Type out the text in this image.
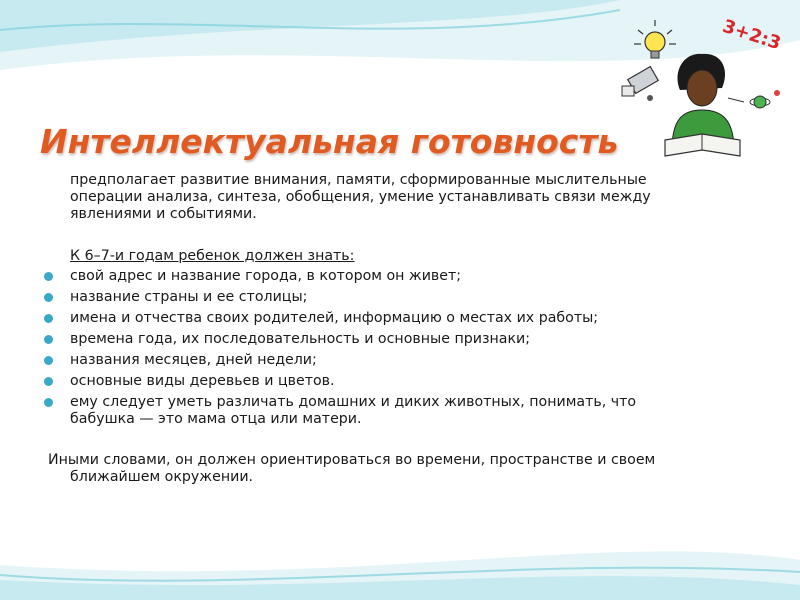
3+2:3
Интеллектуальная готовность

предполагает развитие внимания, памяти, сформированные мыслительные
операции анализа, синтеза, обобщения, умение устанавливать связи между
явлениями и событиями.

К 6–7-и годам ребенок должен знать:

свой адрес и название города, в котором он живет;
название страны и ее столицы;
имена и отчества своих родителей, информацию о местах их работы;
времена года, их последовательность и основные признаки;
названия месяцев, дней недели;
основные виды деревьев и цветов.
ему следует уметь различать домашних и диких животных, понимать, что
бабушка — это мама отца или матери.

Иными словами, он должен ориентироваться во времени, пространстве и своем
ближайшем окружении.
